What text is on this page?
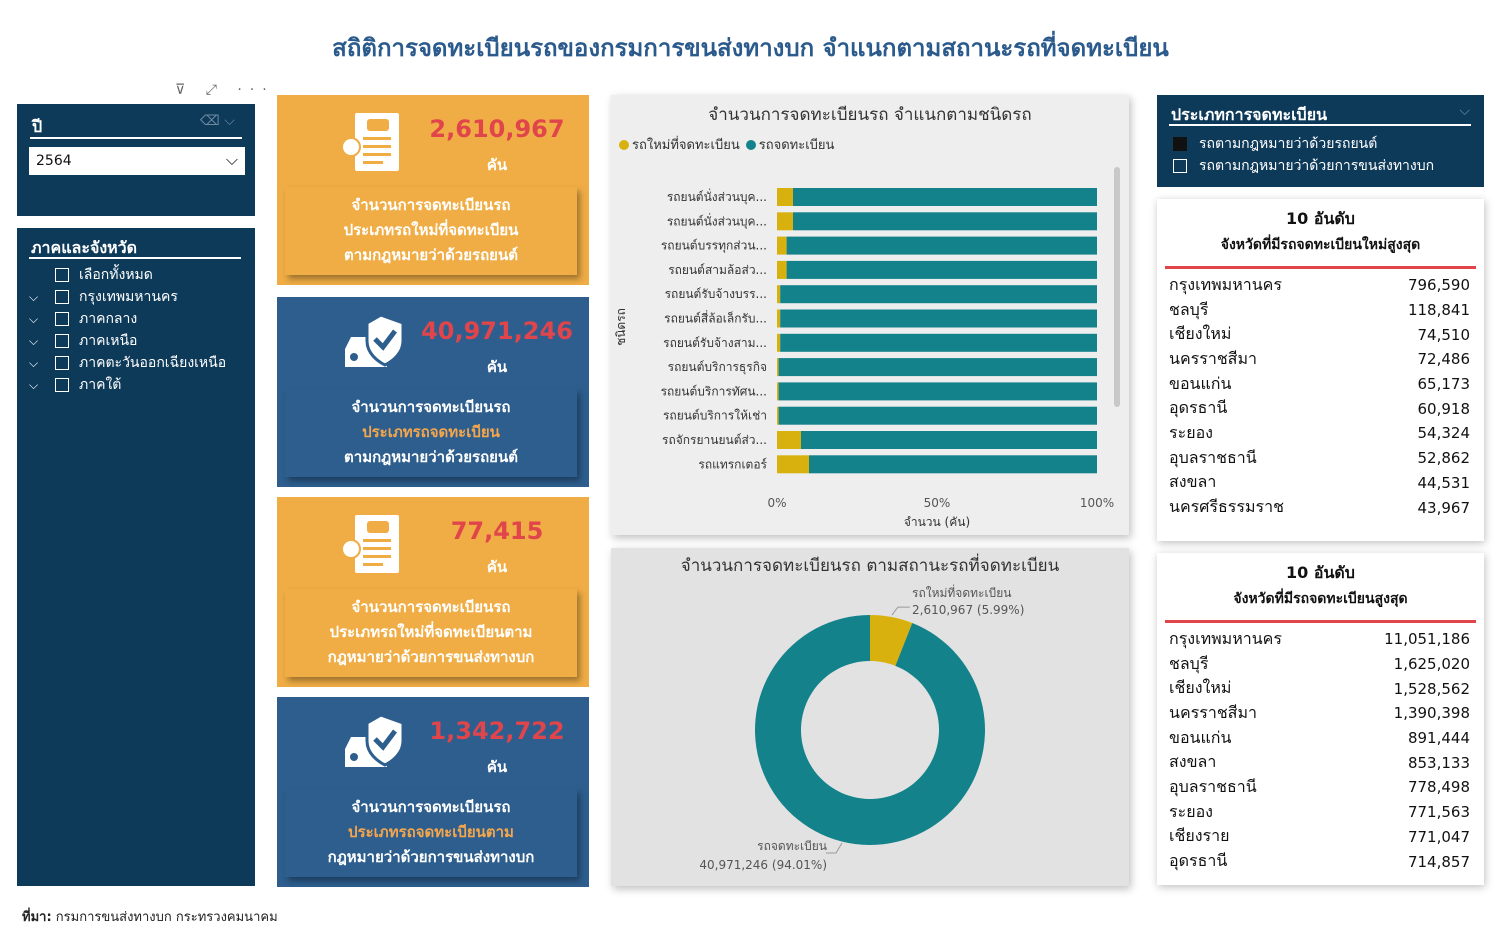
สถิติการจดทะเบียนรถของกรมการขนส่งทางบก จำแนกตามสถานะรถที่จดทะเบียน
⊽ ⤢ ···
ปี	⌫ ⌵
2564	⌵
ภาคและจังหวัด
เลือกทั้งหมด
⌵	กรุงเทพมหานคร
⌵	ภาคกลาง
⌵	ภาคเหนือ
⌵	ภาคตะวันออกเฉียงเหนือ
⌵	ภาคใต้
2,610,967
คัน
จำนวนการจดทะเบียนรถ
ประเภทรถใหม่ที่จดทะเบียน
ตามกฎหมายว่าด้วยรถยนต์
40,971,246
คัน
จำนวนการจดทะเบียนรถ
ประเภทรถจดทะเบียน
ตามกฎหมายว่าด้วยรถยนต์
77,415
คัน
จำนวนการจดทะเบียนรถ
ประเภทรถใหม่ที่จดทะเบียนตาม
กฎหมายว่าด้วยการขนส่งทางบก
1,342,722
คัน
จำนวนการจดทะเบียนรถ
ประเภทรถจดทะเบียนตาม
กฎหมายว่าด้วยการขนส่งทางบก
จำนวนการจดทะเบียนรถ จำแนกตามชนิดรถ
รถใหม่ที่จดทะเบียน รถจดทะเบียน
รถยนต์นั่งส่วนบุค...
รถยนต์นั่งส่วนบุค...
รถยนต์บรรทุกส่วน...
รถยนต์สามล้อส่ว...
รถยนต์รับจ้างบรร...
รถยนต์สี่ล้อเล็กรับ...
รถยนต์รับจ้างสาม...
รถยนต์บริการธุรกิจ
รถยนต์บริการทัศน...
รถยนต์บริการให้เช่า
รถจักรยานยนต์ส่ว...
รถแทรกเตอร์
0%	50%	100%
จำนวน (คัน)
ชนิดรถ
จำนวนการจดทะเบียนรถ ตามสถานะรถที่จดทะเบียน
รถใหม่ที่จดทะเบียน
2,610,967 (5.99%)
รถจดทะเบียน
40,971,246 (94.01%)
ประเภทการจดทะเบียน	⌵
รถตามกฎหมายว่าด้วยรถยนต์
รถตามกฎหมายว่าด้วยการขนส่งทางบก
10 อันดับ
จังหวัดที่มีรถจดทะเบียนใหม่สูงสุด
กรุงเทพมหานคร	796,590
ชลบุรี	118,841
เชียงใหม่	74,510
นครราชสีมา	72,486
ขอนแก่น	65,173
อุดรธานี	60,918
ระยอง	54,324
อุบลราชธานี	52,862
สงขลา	44,531
นครศรีธรรมราช	43,967
10 อันดับ
จังหวัดที่มีรถจดทะเบียนสูงสุด
กรุงเทพมหานคร	11,051,186
ชลบุรี	1,625,020
เชียงใหม่	1,528,562
นครราชสีมา	1,390,398
ขอนแก่น	891,444
สงขลา	853,133
อุบลราชธานี	778,498
ระยอง	771,563
เชียงราย	771,047
อุดรธานี	714,857
ที่มา: กรมการขนส่งทางบก กระทรวงคมนาคม
